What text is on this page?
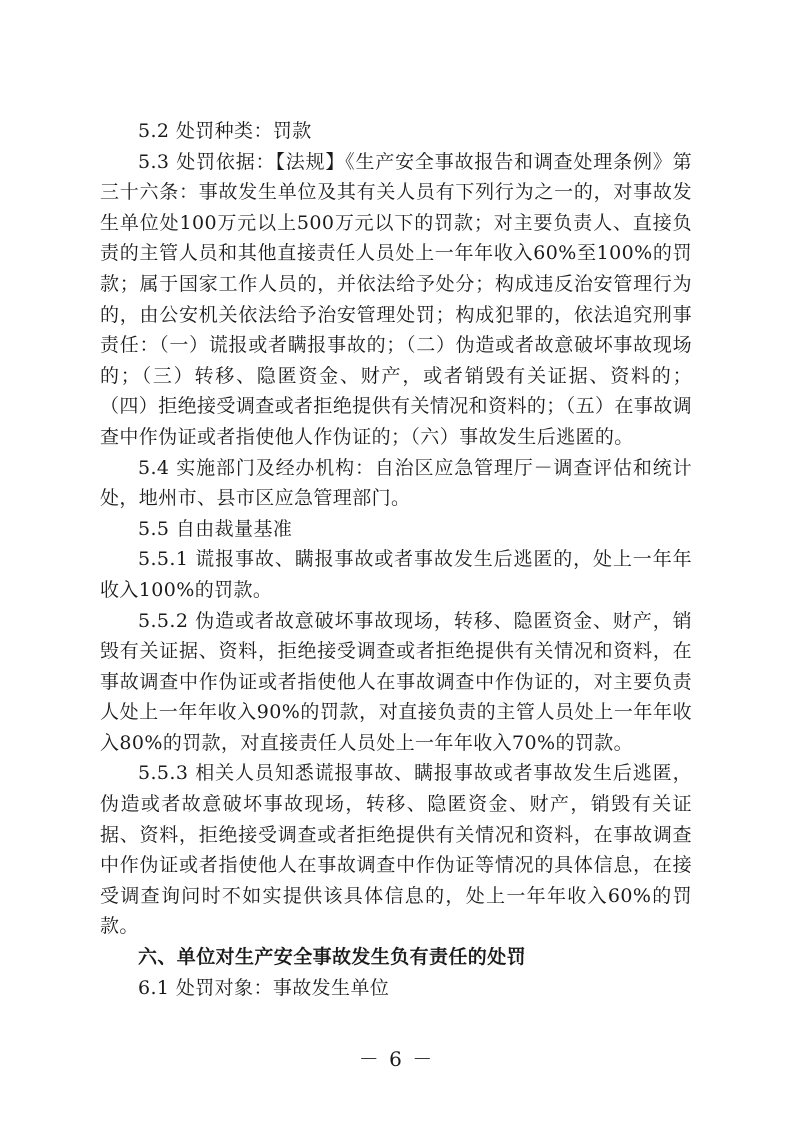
5.2 处罚种类：罚款

5.3 处罚依据：【法规】《生产安全事故报告和调查处理条例》第三十六条：事故发生单位及其有关人员有下列行为之一的，对事故发生单位处100万元以上500万元以下的罚款；对主要负责人、直接负责的主管人员和其他直接责任人员处上一年年收入60%至100%的罚款；属于国家工作人员的，并依法给予处分；构成违反治安管理行为的，由公安机关依法给予治安管理处罚；构成犯罪的，依法追究刑事责任：（一）谎报或者瞒报事故的；（二）伪造或者故意破坏事故现场的；（三）转移、隐匿资金、财产，或者销毁有关证据、资料的；（四）拒绝接受调查或者拒绝提供有关情况和资料的；（五）在事故调查中作伪证或者指使他人作伪证的；（六）事故发生后逃匿的。

5.4 实施部门及经办机构：自治区应急管理厅－调查评估和统计处，地州市、县市区应急管理部门。

5.5 自由裁量基准

5.5.1 谎报事故、瞒报事故或者事故发生后逃匿的，处上一年年收入100%的罚款。

5.5.2 伪造或者故意破坏事故现场，转移、隐匿资金、财产，销毁有关证据、资料，拒绝接受调查或者拒绝提供有关情况和资料，在事故调查中作伪证或者指使他人在事故调查中作伪证的，对主要负责人处上一年年收入90%的罚款，对直接负责的主管人员处上一年年收入80%的罚款，对直接责任人员处上一年年收入70%的罚款。

5.5.3 相关人员知悉谎报事故、瞒报事故或者事故发生后逃匿，伪造或者故意破坏事故现场，转移、隐匿资金、财产，销毁有关证据、资料，拒绝接受调查或者拒绝提供有关情况和资料，在事故调查中作伪证或者指使他人在事故调查中作伪证等情况的具体信息，在接受调查询问时不如实提供该具体信息的，处上一年年收入60%的罚款。

六、单位对生产安全事故发生负有责任的处罚

6.1 处罚对象：事故发生单位

－ 6 －
